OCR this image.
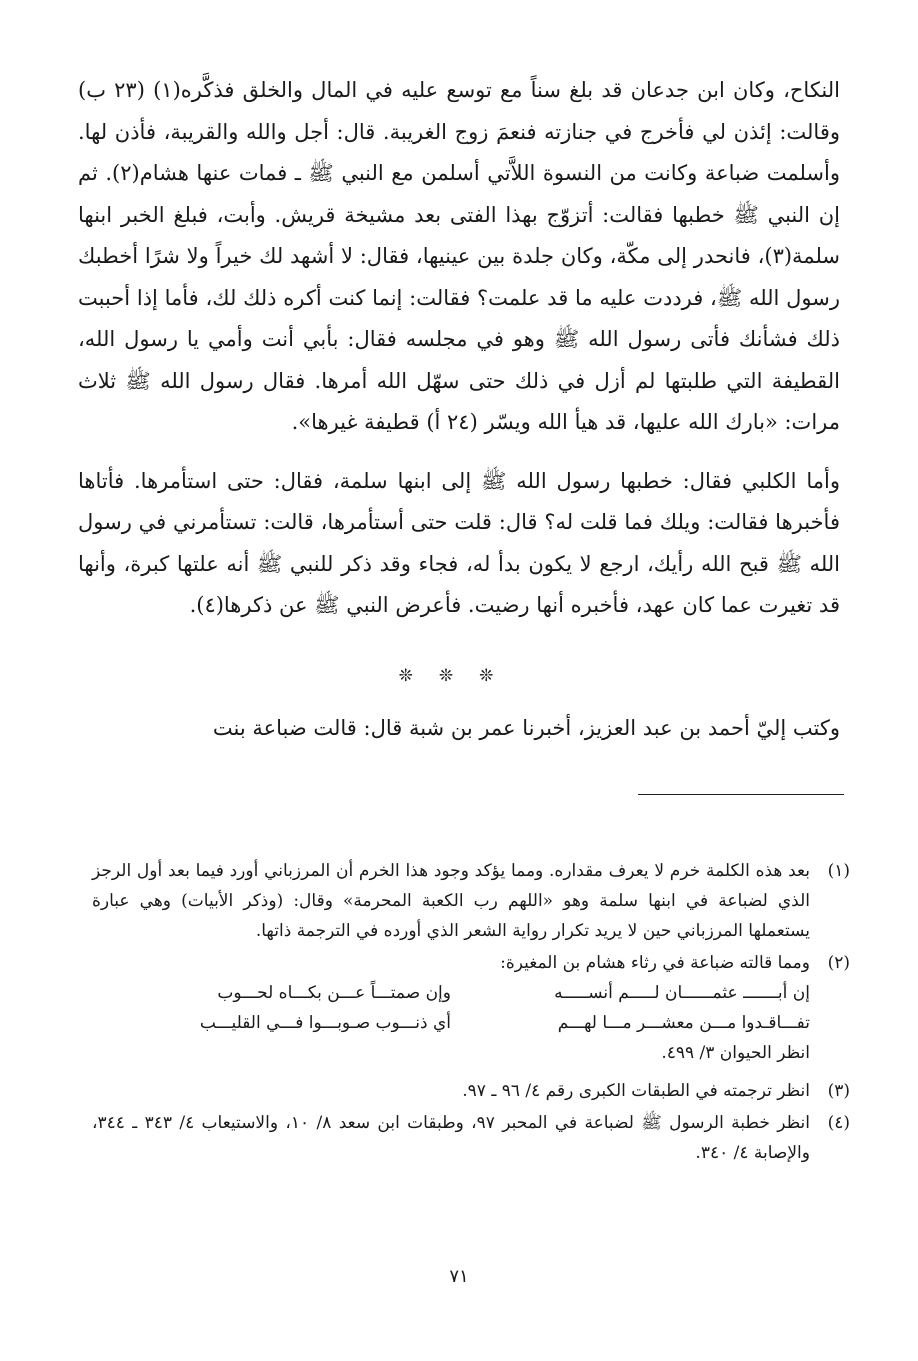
النكاح، وكان ابن جدعان قد بلغ سناً مع توسع عليه في المال والخلق فذكَّره(١) (٢٣ ب) وقالت: إئذن لي فأخرج في جنازته فنعمَ زوج الغريبة. قال: أجل والله والقريبة، فأذن لها. وأسلمت ضباعة وكانت من النسوة اللاَّتي أسلمن مع النبي ﷺ ـ فمات عنها هشام(٢). ثم إن النبي ﷺ خطبها فقالت: أتزوّج بهذا الفتى بعد مشيخة قريش. وأبت، فبلغ الخبر ابنها سلمة(٣)، فانحدر إلى مكّة، وكان جلدة بين عينيها، فقال: لا أشهد لك خيراً ولا شرًا أخطبك رسول الله ﷺ، فرددت عليه ما قد علمت؟ فقالت: إنما كنت أكره ذلك لك، فأما إذا أحببت ذلك فشأنك فأتى رسول الله ﷺ وهو في مجلسه فقال: بأبي أنت وأمي يا رسول الله، القطيفة التي طلبتها لم أزل في ذلك حتى سهّل الله أمرها. فقال رسول الله ﷺ ثلاث مرات: «بارك الله عليها، قد هيأ الله ويسّر (٢٤ أ) قطيفة غيرها».

وأما الكلبي فقال: خطبها رسول الله ﷺ إلى ابنها سلمة، فقال: حتى استأمرها. فأتاها فأخبرها فقالت: ويلك فما قلت له؟ قال: قلت حتى أستأمرها، قالت: تستأمرني في رسول الله ﷺ قبح الله رأيك، ارجع لا يكون بدأ له، فجاء وقد ذكر للنبي ﷺ أنه علتها كبرة، وأنها قد تغيرت عما كان عهد، فأخبره أنها رضيت. فأعرض النبي ﷺ عن ذكرها(٤).

❊❊❊
وكتب إليّ أحمد بن عبد العزيز، أخبرنا عمر بن شبة قال: قالت ضباعة بنت
(١)
بعد هذه الكلمة خرم لا يعرف مقداره. ومما يؤكد وجود هذا الخرم أن المرزباني أورد فيما بعد أول الرجز الذي لضباعة في ابنها سلمة وهو «اللهم رب الكعبة المحرمة» وقال: (وذكر الأبيات) وهي عبارة يستعملها المرزباني حين لا يريد تكرار رواية الشعر الذي أورده في الترجمة ذاتها.
(٢)
ومما قالته ضباعة في رثاء هشام بن المغيرة:
إن أبـــــــ عثمــــــان لـــــم أنســـــه
وإن صمتـــاً عـــن بكـــاه لحـــوب
تفـــاقـدوا مـــن معشـــر مـــا لهـــم
أي ذنـــوب صـوبـــوا فـــي القليـــب
انظر الحيوان ٣/ ٤٩٩.
(٣)
انظر ترجمته في الطبقات الكبرى رقم ٤/ ٩٦ ـ ٩٧.
(٤)
انظر خطبة الرسول ﷺ لضباعة في المحبر ٩٧، وطبقات ابن سعد ٨/ ١٠، والاستيعاب ٤/ ٣٤٣ ـ ٣٤٤، والإصابة ٤/ ٣٤٠.
٧١
